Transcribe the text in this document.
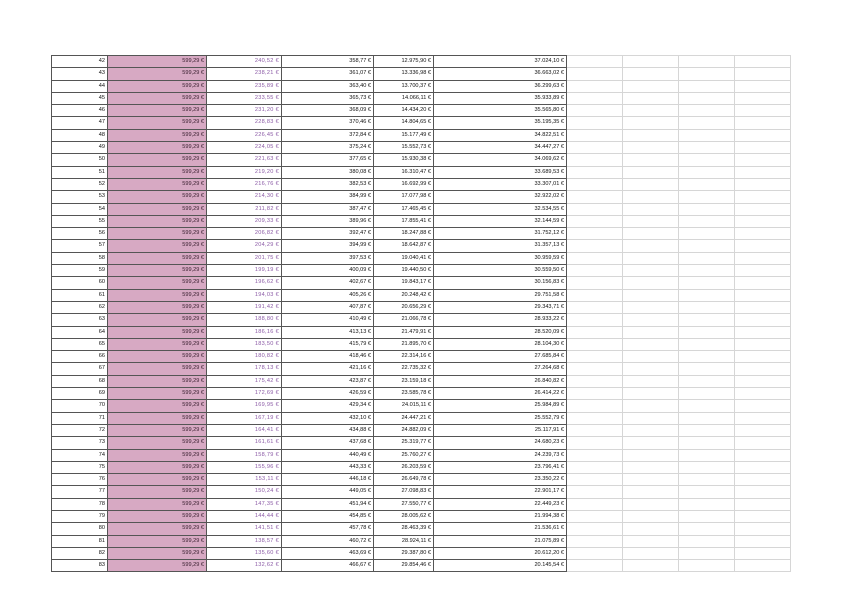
42	599,29 €	240,52 €	358,77 €	12.975,90 €	37.024,10 €				
43	599,29 €	238,21 €	361,07 €	13.336,98 €	36.663,02 €				
44	599,29 €	235,89 €	363,40 €	13.700,37 €	36.299,63 €				
45	599,29 €	233,55 €	365,73 €	14.066,11 €	35.933,89 €				
46	599,29 €	231,20 €	368,09 €	14.434,20 €	35.565,80 €				
47	599,29 €	228,83 €	370,46 €	14.804,65 €	35.195,35 €				
48	599,29 €	226,45 €	372,84 €	15.177,49 €	34.822,51 €				
49	599,29 €	224,05 €	375,24 €	15.552,73 €	34.447,27 €				
50	599,29 €	221,63 €	377,65 €	15.930,38 €	34.069,62 €				
51	599,29 €	219,20 €	380,08 €	16.310,47 €	33.689,53 €				
52	599,29 €	216,76 €	382,53 €	16.692,99 €	33.307,01 €				
53	599,29 €	214,30 €	384,99 €	17.077,98 €	32.922,02 €				
54	599,29 €	211,82 €	387,47 €	17.465,45 €	32.534,55 €				
55	599,29 €	209,33 €	389,96 €	17.855,41 €	32.144,59 €				
56	599,29 €	206,82 €	392,47 €	18.247,88 €	31.752,12 €				
57	599,29 €	204,29 €	394,99 €	18.642,87 €	31.357,13 €				
58	599,29 €	201,75 €	397,53 €	19.040,41 €	30.959,59 €				
59	599,29 €	199,19 €	400,09 €	19.440,50 €	30.559,50 €				
60	599,29 €	196,62 €	402,67 €	19.843,17 €	30.156,83 €				
61	599,29 €	194,03 €	405,26 €	20.248,42 €	29.751,58 €				
62	599,29 €	191,42 €	407,87 €	20.656,29 €	29.343,71 €				
63	599,29 €	188,80 €	410,49 €	21.066,78 €	28.933,22 €				
64	599,29 €	186,16 €	413,13 €	21.479,91 €	28.520,09 €				
65	599,29 €	183,50 €	415,79 €	21.895,70 €	28.104,30 €				
66	599,29 €	180,82 €	418,46 €	22.314,16 €	27.685,84 €				
67	599,29 €	178,13 €	421,16 €	22.735,32 €	27.264,68 €				
68	599,29 €	175,42 €	423,87 €	23.159,18 €	26.840,82 €				
69	599,29 €	172,69 €	426,59 €	23.585,78 €	26.414,22 €				
70	599,29 €	169,95 €	429,34 €	24.015,11 €	25.984,89 €				
71	599,29 €	167,19 €	432,10 €	24.447,21 €	25.552,79 €				
72	599,29 €	164,41 €	434,88 €	24.882,09 €	25.117,91 €				
73	599,29 €	161,61 €	437,68 €	25.319,77 €	24.680,23 €				
74	599,29 €	158,79 €	440,49 €	25.760,27 €	24.239,73 €				
75	599,29 €	155,96 €	443,33 €	26.203,59 €	23.796,41 €				
76	599,29 €	153,11 €	446,18 €	26.649,78 €	23.350,22 €				
77	599,29 €	150,24 €	449,05 €	27.098,83 €	22.901,17 €				
78	599,29 €	147,35 €	451,94 €	27.550,77 €	22.449,23 €				
79	599,29 €	144,44 €	454,85 €	28.005,62 €	21.994,38 €				
80	599,29 €	141,51 €	457,78 €	28.463,39 €	21.536,61 €				
81	599,29 €	138,57 €	460,72 €	28.924,11 €	21.075,89 €				
82	599,29 €	135,60 €	463,69 €	29.387,80 €	20.612,20 €				
83	599,29 €	132,62 €	466,67 €	29.854,46 €	20.145,54 €				
